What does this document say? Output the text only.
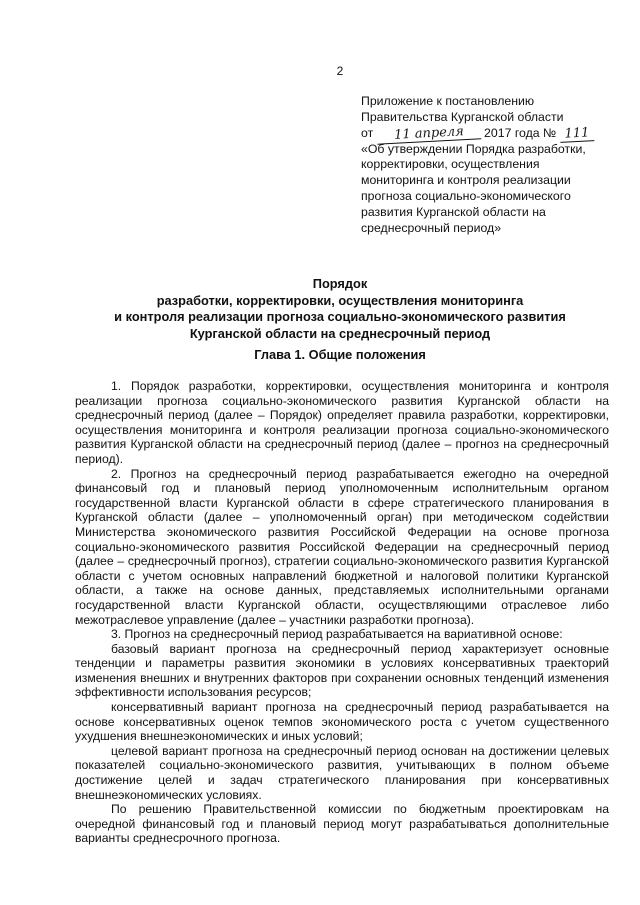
2
Приложение к постановлению
Правительства Курганской области
от 11 апреля 2017 года № 111
«Об утверждении Порядка разработки,
корректировки, осуществления
мониторинга и контроля реализации
прогноза социально-экономического
развития Курганской области на
среднесрочный период»
Порядок
разработки, корректировки, осуществления мониторинга
и контроля реализации прогноза социально-экономического развития
Курганской области на среднесрочный период
Глава 1. Общие положения

1. Порядок разработки, корректировки, осуществления мониторинга и контроля реализации прогноза социально-экономического развития Курганской области на среднесрочный период (далее – Порядок) определяет правила разработки, корректировки, осуществления мониторинга и контроля реализации прогноза социально-экономического развития Курганской области на среднесрочный период (далее – прогноз на среднесрочный период).

2. Прогноз на среднесрочный период разрабатывается ежегодно на очередной финансовый год и плановый период уполномоченным исполнительным органом государственной власти Курганской области в сфере стратегического планирования в Курганской области (далее – уполномоченный орган) при методическом содействии Министерства экономического развития Российской Федерации на основе прогноза социально-экономического развития Российской Федерации на среднесрочный период (далее – среднесрочный прогноз), стратегии социально-экономического развития Курганской области с учетом основных направлений бюджетной и налоговой политики Курганской области, а также на основе данных, представляемых исполнительными органами государственной власти Курганской области, осуществляющими отраслевое либо межотраслевое управление (далее – участники разработки прогноза).

3. Прогноз на среднесрочный период разрабатывается на вариативной основе:

базовый вариант прогноза на среднесрочный период характеризует основные тенденции и параметры развития экономики в условиях консервативных траекторий изменения внешних и внутренних факторов при сохранении основных тенденций изменения эффективности использования ресурсов;

консервативный вариант прогноза на среднесрочный период разрабатывается на основе консервативных оценок темпов экономического роста с учетом существенного ухудшения внешнеэкономических и иных условий;

целевой вариант прогноза на среднесрочный период основан на достижении целевых показателей социально-экономического развития, учитывающих в полном объеме достижение целей и задач стратегического планирования при консервативных внешнеэкономических условиях.

По решению Правительственной комиссии по бюджетным проектировкам на очередной финансовый год и плановый период могут разрабатываться дополнительные варианты среднесрочного прогноза.
